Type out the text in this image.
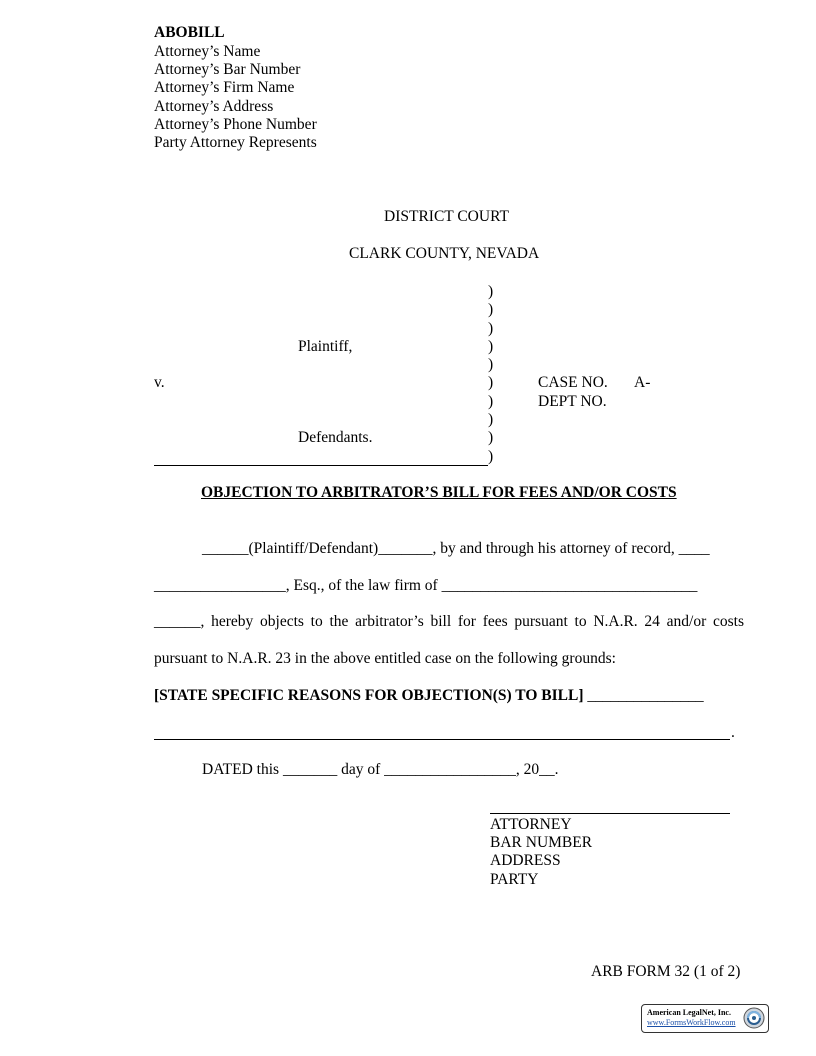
ABOBILL
Attorney’s Name
Attorney’s Bar Number
Attorney’s Firm Name
Attorney’s Address
Attorney’s Phone Number
Party Attorney Represents
DISTRICT COURT
CLARK COUNTY, NEVADA
)
)
)
)
)
)
)
)
)
)
Plaintiff,
v.
Defendants.
CASE NO. A-
DEPT NO.
OBJECTION TO ARBITRATOR’S BILL FOR FEES AND/OR COSTS
______(Plaintiff/Defendant)_______, by and through his attorney of record, ____
_________________, Esq., of the law firm of _________________________________
______, hereby objects to the arbitrator’s bill for fees pursuant to N.A.R. 24 and/or costs
pursuant to N.A.R. 23 in the above entitled case on the following grounds:
[STATE SPECIFIC REASONS FOR OBJECTION(S) TO BILL] _______________
.
DATED this _______ day of _________________, 20__.
ATTORNEY
BAR NUMBER
ADDRESS
PARTY
ARB FORM 32 (1 of 2)
American LegalNet, Inc.
www.FormsWorkFlow.com
